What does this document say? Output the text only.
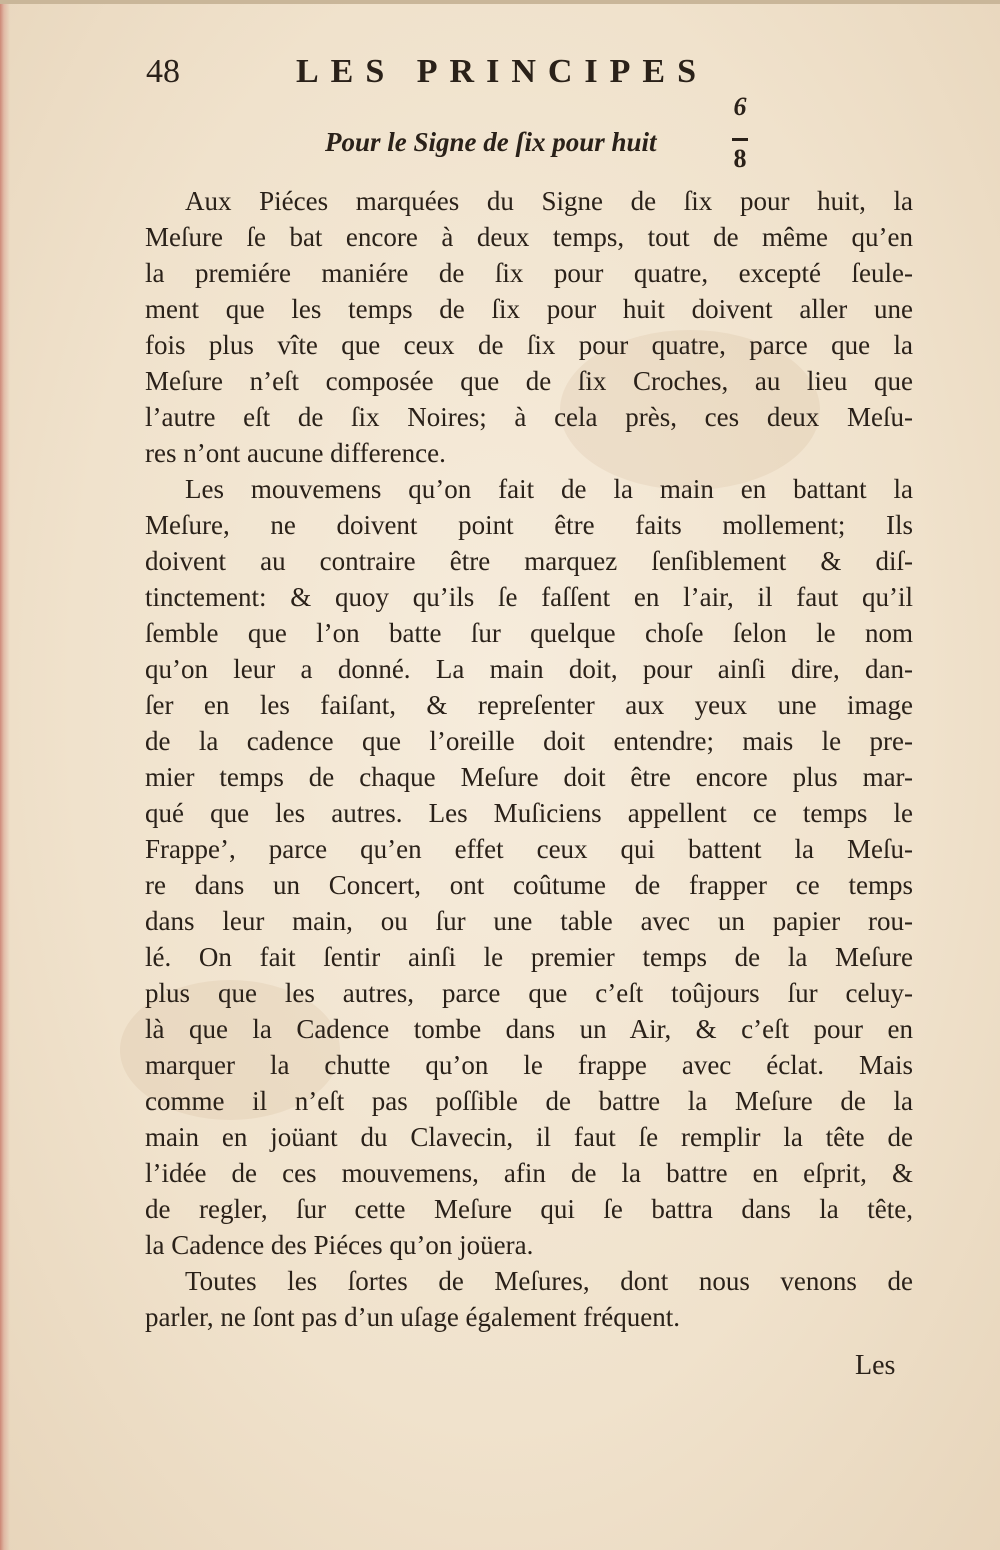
48	LES PRINCIPES
Pour le Signe de ſix pour huit
6
8
Aux Piéces marquées du Signe de ſix pour huit, la
Meſure ſe bat encore à deux temps, tout de même qu’en
la premiére maniére de ſix pour quatre, excepté ſeule-
ment que les temps de ſix pour huit doivent aller une
fois plus vîte que ceux de ſix pour quatre, parce que la
Meſure n’eſt composée que de ſix Croches, au lieu que
l’autre eſt de ſix Noires; à cela près, ces deux Meſu-
res n’ont aucune difference.
Les mouvemens qu’on fait de la main en battant la
Meſure, ne doivent point être faits mollement; Ils
doivent au contraire être marquez ſenſiblement & diſ-
tinctement: & quoy qu’ils ſe faſſent en l’air, il faut qu’il
ſemble que l’on batte ſur quelque choſe ſelon le nom
qu’on leur a donné. La main doit, pour ainſi dire, dan-
ſer en les faiſant, & repreſenter aux yeux une image
de la cadence que l’oreille doit entendre; mais le pre-
mier temps de chaque Meſure doit être encore plus mar-
qué que les autres. Les Muſiciens appellent ce temps le
Frappe’, parce qu’en effet ceux qui battent la Meſu-
re dans un Concert, ont coûtume de frapper ce temps
dans leur main, ou ſur une table avec un papier rou-
lé. On fait ſentir ainſi le premier temps de la Meſure
plus que les autres, parce que c’eſt toûjours ſur celuy-
là que la Cadence tombe dans un Air, & c’eſt pour en
marquer la chutte qu’on le frappe avec éclat. Mais
comme il n’eſt pas poſſible de battre la Meſure de la
main en joüant du Clavecin, il faut ſe remplir la tête de
l’idée de ces mouvemens, afin de la battre en eſprit, &
de regler, ſur cette Meſure qui ſe battra dans la tête,
la Cadence des Piéces qu’on joüera.
Toutes les ſortes de Meſures, dont nous venons de
parler, ne ſont pas d’un uſage également fréquent.
Les
